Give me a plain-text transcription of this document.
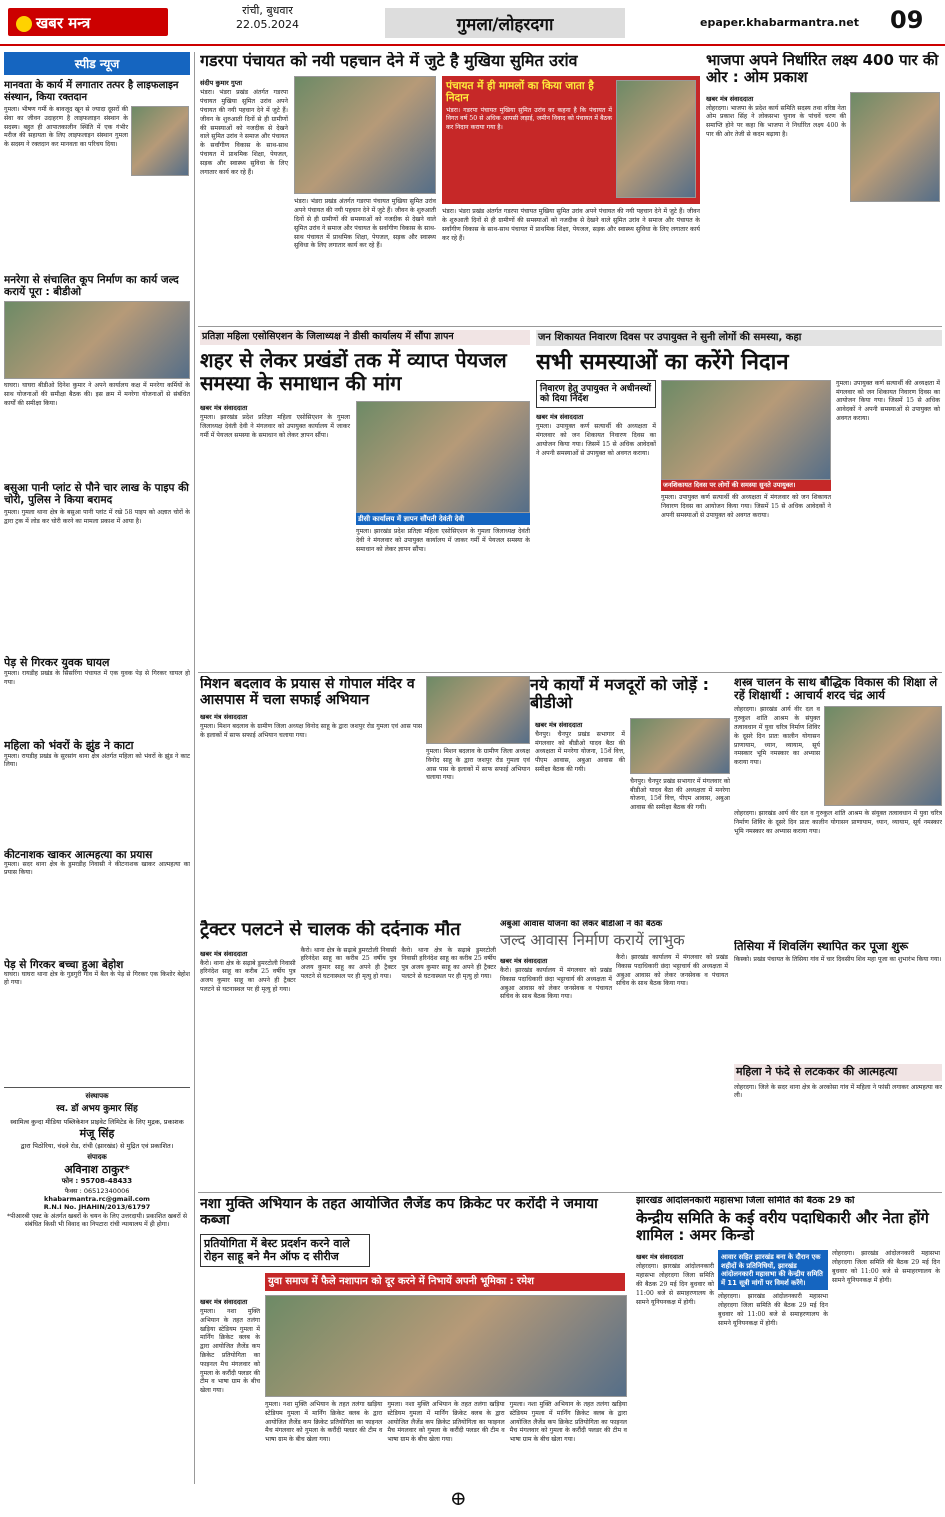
खबर मन्त्र
रांची, बुधवार
22.05.2024	गुमला/लोहरदगा	epaper.khabarmantra.net 09
स्पीड न्यूज
मानवता के कार्य में लगातार तत्पर है लाइफलाइन संस्थान, किया रक्तदान
गुमला। भीषण गर्मी के बावजूद खून से ज्यादा दूसरों की सेवा का जीवन उदाहरण है लाइफलाइन संस्थान के सदस्य। बहुत ही आपातकालीन स्थिति में एक गंभीर मरीज की सहायता के लिए लाइफलाइन संस्थान गुमला के सदस्य ने रक्तदान कर मानवता का परिचय दिया।
मनरेगा से संचालित कूप निर्माण का कार्य जल्द करायें पूरा : बीडीओ
घाघरा। घाघरा बीडीओ दिनेश कुमार ने अपने कार्यालय कक्ष में मनरेगा कर्मियों के साथ योजनाओं की समीक्षा बैठक की। इस क्रम में मनरेगा योजनाओं से संबंधित कार्यों की समीक्षा किया।
बसुआ पानी प्लांट से पौने चार लाख के पाइप की चोरी, पुलिस ने किया बरामद
गुमला। गुमला थाना क्षेत्र के बसुआ पानी प्लांट में रखे 58 पाइप को अज्ञात चोरों के द्वारा ट्रक में लोड कर चोरी करने का मामला प्रकाश में आया है।
पेड़ से गिरकर युवक घायल
गुमला। रायडीह प्रखंड के सिसरिंगा पंचायत में एक युवक पेड़ से गिरकर घायल हो गया।
महिला को भंवरों के झुंड ने काटा
गुमला। रायडीह प्रखंड के सुरसांग थाना क्षेत्र अंतर्गत महिला को भंवरों के झुंड ने काट लिया।
कीटनाशक खाकर आत्महत्या का प्रयास
गुमला। सदर थाना क्षेत्र के डुमरडीह निवासी ने कीटनाशक खाकर आत्महत्या का प्रयास किया।
पेड़ से गिरकर बच्चा हुआ बेहोश
घाघरा। घाघरा थाना क्षेत्र के गुडगुरी गांव में बैल के पेड़ से गिरकर एक किशोर बेहोश हो गया।
संस्थापक
स्व. डॉ अभय कुमार सिंह
स्वामित्व कुन्दा मीडिया पब्लिकेशन प्राइवेट लिमिटेड के लिए मुद्रक, प्रकाशक
मंजू सिंह
द्वारा पिठोरिया, चंदवे रोड, रांची (झारखंड) से मुद्रित एवं प्रकाशित।
संपादक
अविनाश ठाकुर*
फोन : 95708-48433
फैक्स : 06512340006
khabarmantra.rc@gmail.com
R.N.I No. JHAHIN/2013/61797
*पीआरबी एक्ट के अंतर्गत खबरों के चयन के लिए उत्तरदायी। प्रकाशित खबरों से संबंधित किसी भी विवाद का निपटारा रांची न्यायालय में ही होगा।
गडरपा पंचायत को नयी पहचान देने में जुटे है मुखिया सुमित उरांव
संदीप कुमार गुप्ता
भंडरा। भंडरा प्रखंड अंतर्गत गडरपा पंचायत मुखिया सुमित उरांव अपने पंचायत की नयी पहचान देने में जुटे हैं। जीवन के शुरुआती दिनों से ही ग्रामीणों की समस्याओं को नजदीक से देखने वाले सुमित उरांव ने समाज और पंचायत के सर्वांगीण विकास के साथ-साथ पंचायत में प्राथमिक शिक्षा, पेयजल, सड़क और स्वास्थ्य सुविधा के लिए लगातार कार्य कर रहे हैं।
भंडरा। भंडरा प्रखंड अंतर्गत गडरपा पंचायत मुखिया सुमित उरांव अपने पंचायत की नयी पहचान देने में जुटे हैं। जीवन के शुरुआती दिनों से ही ग्रामीणों की समस्याओं को नजदीक से देखने वाले सुमित उरांव ने समाज और पंचायत के सर्वांगीण विकास के साथ-साथ पंचायत में प्राथमिक शिक्षा, पेयजल, सड़क और स्वास्थ्य सुविधा के लिए लगातार कार्य कर रहे हैं।
पंचायत में ही मामलों का किया जाता है निदान
भंडरा। गडरपा पंचायत मुखिया सुमित उरांव का कहना है कि पंचायत में विगत वर्ष 50 से अधिक आपसी लड़ाई, जमीन विवाद को पंचायत में बैठक कर निदान कराया गया है।
भंडरा। भंडरा प्रखंड अंतर्गत गडरपा पंचायत मुखिया सुमित उरांव अपने पंचायत की नयी पहचान देने में जुटे हैं। जीवन के शुरुआती दिनों से ही ग्रामीणों की समस्याओं को नजदीक से देखने वाले सुमित उरांव ने समाज और पंचायत के सर्वांगीण विकास के साथ-साथ पंचायत में प्राथमिक शिक्षा, पेयजल, सड़क और स्वास्थ्य सुविधा के लिए लगातार कार्य कर रहे हैं।
भाजपा अपने निर्धारित लक्ष्य 400 पार की ओर : ओम प्रकाश
खबर मंत्र संवाददाता
लोहरदगा। भाजपा के प्रदेश कार्य समिति सदस्य तथा वरिष्ठ नेता ओम प्रकाश सिंह ने लोकसभा चुनाव के पांचवें चरण की समाप्ति होने पर कहा कि भाजपा ने निर्धारित लक्ष्य 400 के पार की ओर तेजी से कदम बढ़ाया है।
प्रतिज्ञा महिला एसोसिएशन के जिलाध्यक्ष ने डीसी कार्यालय में सौंपा ज्ञापन
शहर से लेकर प्रखंडों तक में व्याप्त पेयजल समस्या के समाधान की मांग
खबर मंत्र संवाददाता
गुमला। झारखंड प्रदेश प्रतिज्ञा महिला एसोसिएशन के गुमला जिलाध्यक्ष देवंती देवी ने मंगलवार को उपायुक्त कार्यालय में जाकर गर्मी में पेयजल समस्या के समाधान को लेकर ज्ञापन सौंपा।
डीसी कार्यालय में ज्ञापन सौंपती देवंती देवी
गुमला। झारखंड प्रदेश प्रतिज्ञा महिला एसोसिएशन के गुमला जिलाध्यक्ष देवंती देवी ने मंगलवार को उपायुक्त कार्यालय में जाकर गर्मी में पेयजल समस्या के समाधान को लेकर ज्ञापन सौंपा।
जन शिकायत निवारण दिवस पर उपायुक्त ने सुनी लोगों की समस्या, कहा
सभी समस्याओं का करेंगे निदान
निवारण हेतु उपायुक्त ने अधीनस्थों को दिया निर्देश
खबर मंत्र संवाददाता
गुमला। उपायुक्त कर्ण सत्यार्थी की अध्यक्षता में मंगलवार को जन शिकायत निवारण दिवस का आयोजन किया गया। जिसमें 15 से अधिक आवेदकों ने अपनी समस्याओं से उपायुक्त को अवगत कराया।
जनशिकायत दिवस पर लोगों की समस्या सुनते उपायुक्त।
गुमला। उपायुक्त कर्ण सत्यार्थी की अध्यक्षता में मंगलवार को जन शिकायत निवारण दिवस का आयोजन किया गया। जिसमें 15 से अधिक आवेदकों ने अपनी समस्याओं से उपायुक्त को अवगत कराया।
गुमला। उपायुक्त कर्ण सत्यार्थी की अध्यक्षता में मंगलवार को जन शिकायत निवारण दिवस का आयोजन किया गया। जिसमें 15 से अधिक आवेदकों ने अपनी समस्याओं से उपायुक्त को अवगत कराया।
मिशन बदलाव के प्रयास से गोपाल मंदिर व आसपास में चला सफाई अभियान
खबर मंत्र संवाददाता
गुमला। मिशन बदलाव के ग्रामीण जिला अध्यक्ष विनोद साहू के द्वारा जशपुर रोड गुमला एवं आस पास के इलाकों में साफ सफाई अभियान चलाया गया।
गुमला। मिशन बदलाव के ग्रामीण जिला अध्यक्ष विनोद साहू के द्वारा जशपुर रोड गुमला एवं आस पास के इलाकों में साफ सफाई अभियान चलाया गया।
नये कार्यों में मजदूरों को जोड़ें : बीडीओ
खबर मंत्र संवाददाता
चैनपुर। चैनपुर प्रखंड सभागार में मंगलवार को बीडीओ यादव बैठा की अध्यक्षता में मनरेगा योजना, 15वें वित्त, पीएम आवास, अबुआ आवास की समीक्षा बैठक की गयी।
चैनपुर। चैनपुर प्रखंड सभागार में मंगलवार को बीडीओ यादव बैठा की अध्यक्षता में मनरेगा योजना, 15वें वित्त, पीएम आवास, अबुआ आवास की समीक्षा बैठक की गयी।
शस्त्र चालन के साथ बौद्धिक विकास की शिक्षा ले रहें शिक्षार्थी : आचार्य शरद चंद्र आर्य
लोहरदगा। झारखंड आर्य वीर दल व गुरुकुल शांति आश्रम के संयुक्त तत्वावधान में युवा चरित्र निर्माण शिविर के दूसरे दिन प्रातः कालीन योगासन प्राणायाम, ध्यान, व्यायाम, सूर्य नमस्कार भूमि नमस्कार का अभ्यास कराया गया।
लोहरदगा। झारखंड आर्य वीर दल व गुरुकुल शांति आश्रम के संयुक्त तत्वावधान में युवा चरित्र निर्माण शिविर के दूसरे दिन प्रातः कालीन योगासन प्राणायाम, ध्यान, व्यायाम, सूर्य नमस्कार भूमि नमस्कार का अभ्यास कराया गया।
ट्रैक्टर पलटने से चालक की दर्दनाक मौत
खबर मंत्र संवाददाता
कैरो। थाना क्षेत्र के सढ़ाबे डुमरटोली निवासी हरिनंदेश साहू का करीब 25 वर्षीय पुत्र अजय कुमार साहू का अपने ही ट्रैक्टर पलटने से घटनास्थल पर ही मृत्यु हो गया।
कैरो। थाना क्षेत्र के सढ़ाबे डुमरटोली निवासी हरिनंदेश साहू का करीब 25 वर्षीय पुत्र अजय कुमार साहू का अपने ही ट्रैक्टर पलटने से घटनास्थल पर ही मृत्यु हो गया।
कैरो। थाना क्षेत्र के सढ़ाबे डुमरटोली निवासी हरिनंदेश साहू का करीब 25 वर्षीय पुत्र अजय कुमार साहू का अपने ही ट्रैक्टर पलटने से घटनास्थल पर ही मृत्यु हो गया।
अबुआ आवास योजना को लेकर बीडीओ ने की बैठक
जल्द आवास निर्माण करायें लाभुक
खबर मंत्र संवाददाता
कैरो। झारखंड कार्यालय में मंगलवार को प्रखंड विकास पदाधिकारी छंदा भट्टाचार्य की अध्यक्षता में अबुआ आवास को लेकर जनसेवक व पंचायत सचिव के साथ बैठक किया गया।
कैरो। झारखंड कार्यालय में मंगलवार को प्रखंड विकास पदाधिकारी छंदा भट्टाचार्य की अध्यक्षता में अबुआ आवास को लेकर जनसेवक व पंचायत सचिव के साथ बैठक किया गया।
तिसिया में शिवलिंग स्थापित कर पूजा शुरू
किस्को। प्रखंड पंचायत के तिसिया गांव में चार दिवसीय शिव महा पूजा का शुभारंभ किया गया।
महिला ने फंदे से लटककर की आत्महत्या
लोहरदगा। जिले के सदर थाना क्षेत्र के अरकोसा गांव में महिला ने फांसी लगाकर आत्महत्या कर ली।
नशा मुक्ति अभियान के तहत आयोजित लैजेंड कप क्रिकेट पर करोंदी ने जमाया कब्जा
प्रतियोगिता में बेस्ट प्रदर्शन करने वाले रोहन साहू बने मैन ऑफ द सीरीज
युवा समाज में फैले नशापान को दूर करने में निभायें अपनी भूमिका : रमेश
खबर मंत्र संवाददाता
गुमला। नशा मुक्ति अभियान के तहत तलंगा खड़िया स्टेडियम गुमला में मार्निंग क्रिकेट क्लब के द्वारा आयोजित लैजेंड कप क्रिकेट प्रतियोगिता का फाइनल मैच मंगलवार को गुमला के करौंदी फ्लडर की टीम व भाषा ग्राम के बीच खेला गया।
गुमला। नशा मुक्ति अभियान के तहत तलंगा खड़िया स्टेडियम गुमला में मार्निंग क्रिकेट क्लब के द्वारा आयोजित लैजेंड कप क्रिकेट प्रतियोगिता का फाइनल मैच मंगलवार को गुमला के करौंदी फ्लडर की टीम व भाषा ग्राम के बीच खेला गया।
गुमला। नशा मुक्ति अभियान के तहत तलंगा खड़िया स्टेडियम गुमला में मार्निंग क्रिकेट क्लब के द्वारा आयोजित लैजेंड कप क्रिकेट प्रतियोगिता का फाइनल मैच मंगलवार को गुमला के करौंदी फ्लडर की टीम व भाषा ग्राम के बीच खेला गया।
गुमला। नशा मुक्ति अभियान के तहत तलंगा खड़िया स्टेडियम गुमला में मार्निंग क्रिकेट क्लब के द्वारा आयोजित लैजेंड कप क्रिकेट प्रतियोगिता का फाइनल मैच मंगलवार को गुमला के करौंदी फ्लडर की टीम व भाषा ग्राम के बीच खेला गया।
झारखंड आंदोलनकारी महासभा जिला समिति की बैठक 29 को
केन्द्रीय समिति के कई वरीय पदाधिकारी और नेता होंगे शामिल : अमर किन्डो
खबर मंत्र संवाददाता
लोहरदगा। झारखंड आंदोलनकारी महासभा लोहरदगा जिला समिति की बैठक 29 मई दिन बुधवार को 11:00 बजे से समाहरणालय के सामने यूनियनकक्ष में होगी।
आवार सहित झारखंड बना के दौरान एक शहीदों के प्रतिनिधियों, झारखंड आंदोलनकारी महासभा की केन्द्रीय समिति में 11 सूत्री मांगों पर विमर्श करेंगे।
लोहरदगा। झारखंड आंदोलनकारी महासभा लोहरदगा जिला समिति की बैठक 29 मई दिन बुधवार को 11:00 बजे से समाहरणालय के सामने यूनियनकक्ष में होगी।
लोहरदगा। झारखंड आंदोलनकारी महासभा लोहरदगा जिला समिति की बैठक 29 मई दिन बुधवार को 11:00 बजे से समाहरणालय के सामने यूनियनकक्ष में होगी।
⊕
